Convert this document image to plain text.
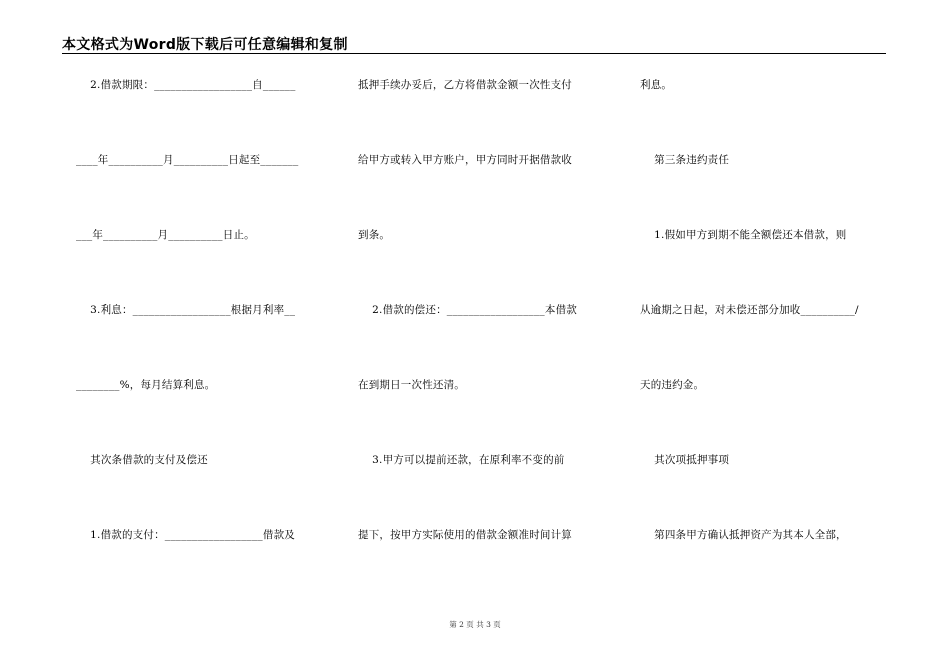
本文格式为Word版下载后可任意编辑和复制
2.借款期限：__________________自______
____年__________月__________日起至_______
___年__________月__________日止。
3.利息：__________________根据月利率__
________%，每月结算利息。
其次条借款的支付及偿还
1.借款的支付：__________________借款及
抵押手续办妥后，乙方将借款金额一次性支付
给甲方或转入甲方账户，甲方同时开据借款收
到条。
2.借款的偿还：__________________本借款
在到期日一次性还清。
3.甲方可以提前还款，在原利率不变的前
提下，按甲方实际使用的借款金额准时间计算
利息。
第三条违约责任
1.假如甲方到期不能全额偿还本借款，则
从逾期之日起，对未偿还部分加收__________/
天的违约金。
其次项抵押事项
第四条甲方确认抵押资产为其本人全部，
第 2 页 共 3 页
